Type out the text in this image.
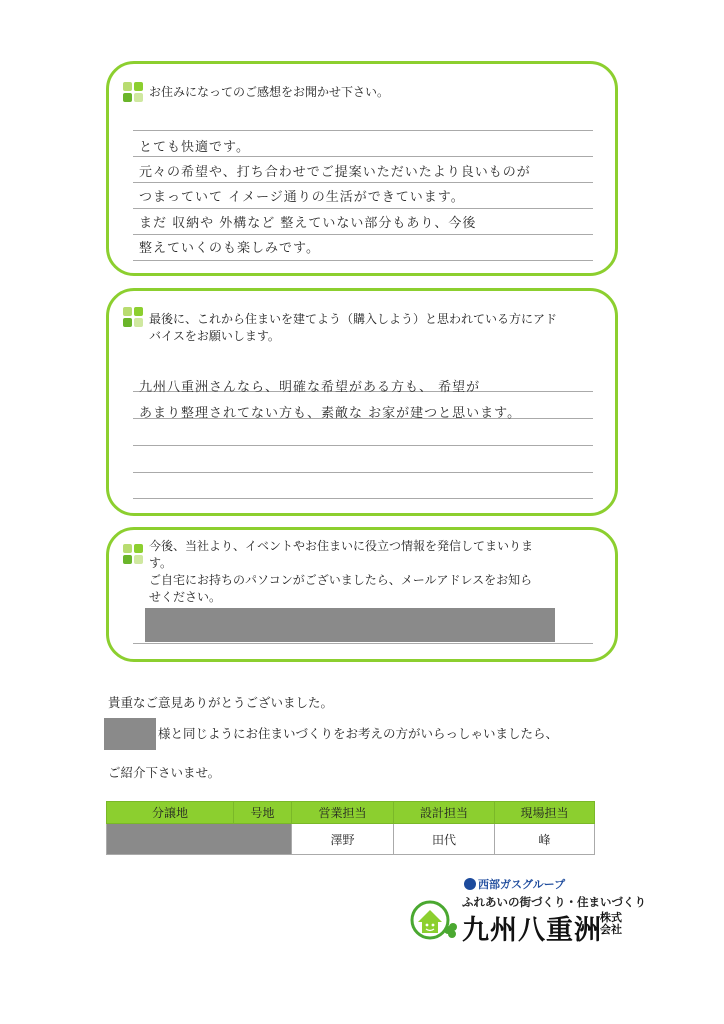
お住みになってのご感想をお聞かせ下さい。
とても快適です。
元々の希望や、打ち合わせでご提案いただいたより良いものが
つまっていて イメージ通りの生活ができています。
まだ 収納や 外構など 整えていない部分もあり、今後
整えていくのも楽しみです。
最後に、これから住まいを建てよう（購入しよう）と思われている方にアド
バイスをお願いします。
九州八重洲さんなら、明確な希望がある方も、 希望が
あまり整理されてない方も、素敵な お家が建つと思います。
今後、当社より、イベントやお住まいに役立つ情報を発信してまいりま
す。
ご自宅にお持ちのパソコンがございましたら、メールアドレスをお知ら
せください。
貴重なご意見ありがとうございました。
様と同じようにお住まいづくりをお考えの方がいらっしゃいましたら、
ご紹介下さいませ。
分譲地	号地	営業担当	設計担当	現場担当
		澤野	田代	峰
西部ガスグループ
ふれあいの街づくり・住まいづくり
九州八重洲
株式
会社
